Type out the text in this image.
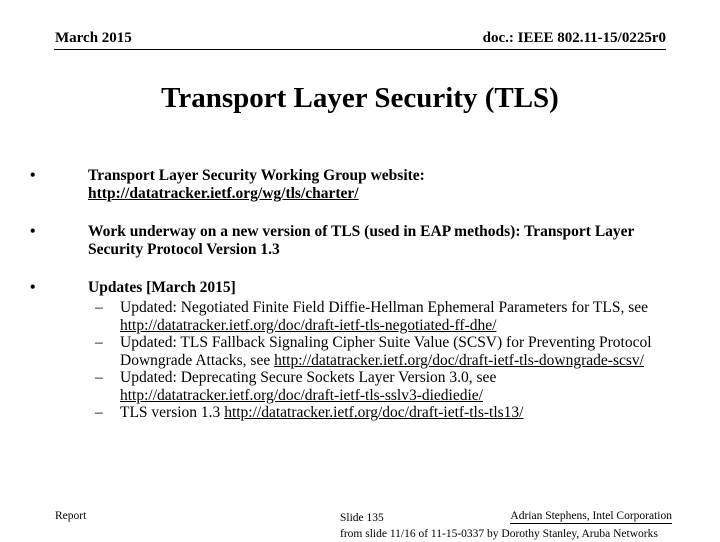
March 2015	doc.: IEEE 802.11-15/0225r0
Transport Layer Security (TLS)
•	Transport Layer Security Working Group website:
http://datatracker.ietf.org/wg/tls/charter/
•	Work underway on a new version of TLS (used in EAP methods): Transport Layer Security Protocol Version 1.3
•	Updates [March 2015]
– Updated: Negotiated Finite Field Diffie-Hellman Ephemeral Parameters for TLS, see http://datatracker.ietf.org/doc/draft-ietf-tls-negotiated-ff-dhe/
– Updated: TLS Fallback Signaling Cipher Suite Value (SCSV) for Preventing Protocol Downgrade Attacks, see http://datatracker.ietf.org/doc/draft-ietf-tls-downgrade-scsv/
– Updated: Deprecating Secure Sockets Layer Version 3.0, see http://datatracker.ietf.org/doc/draft-ietf-tls-sslv3-diediedie/
– TLS version 1.3 http://datatracker.ietf.org/doc/draft-ietf-tls-tls13/
Report	Slide 135
from slide 11/16 of 11-15-0337 by Dorothy Stanley, Aruba Networks
Adrian Stephens, Intel Corporation
